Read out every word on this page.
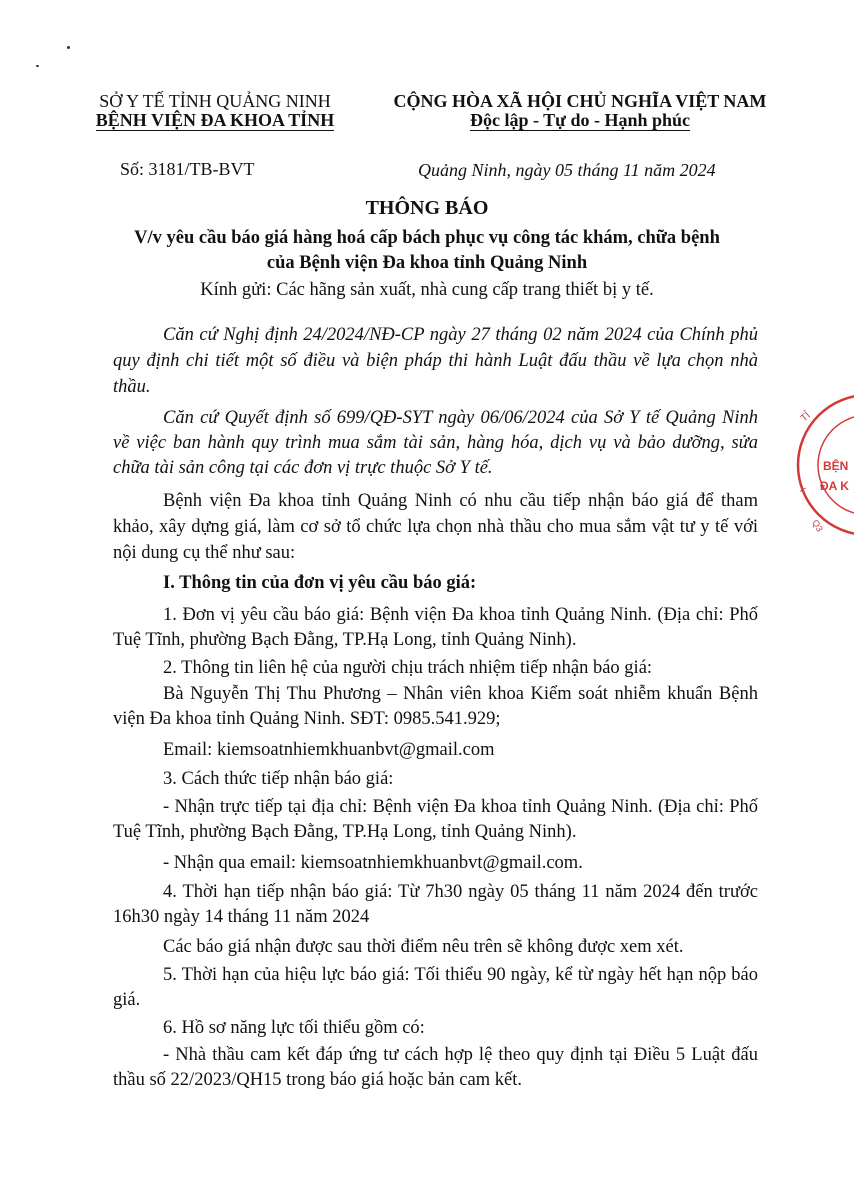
SỞ Y TẾ TỈNH QUẢNG NINH
BỆNH VIỆN ĐA KHOA TỈNH
CỘNG HÒA XÃ HỘI CHỦ NGHĨA VIỆT NAM
Độc lập - Tự do - Hạnh phúc
Số: 3181/TB-BVT	Quảng Ninh, ngày 05 tháng 11 năm 2024
THÔNG BÁO
V/v yêu cầu báo giá hàng hoá cấp bách phục vụ công tác khám, chữa bệnh
của Bệnh viện Đa khoa tỉnh Quảng Ninh
Kính gửi: Các hãng sản xuất, nhà cung cấp trang thiết bị y tế.
Căn cứ Nghị định 24/2024/NĐ-CP ngày 27 tháng 02 năm 2024 của Chính phủ quy định chi tiết một số điều và biện pháp thi hành Luật đấu thầu về lựa chọn nhà thầu.
Căn cứ Quyết định số 699/QĐ-SYT ngày 06/06/2024 của Sở Y tế Quảng Ninh về việc ban hành quy trình mua sắm tài sản, hàng hóa, dịch vụ và bảo dưỡng, sửa chữa tài sản công tại các đơn vị trực thuộc Sở Y tế.
Bệnh viện Đa khoa tỉnh Quảng Ninh có nhu cầu tiếp nhận báo giá để tham khảo, xây dựng giá, làm cơ sở tổ chức lựa chọn nhà thầu cho mua sắm vật tư y tế với nội dung cụ thể như sau:
I. Thông tin của đơn vị yêu cầu báo giá:
1. Đơn vị yêu cầu báo giá: Bệnh viện Đa khoa tỉnh Quảng Ninh. (Địa chỉ: Phố Tuệ Tĩnh, phường Bạch Đằng, TP.Hạ Long, tỉnh Quảng Ninh).
2. Thông tin liên hệ của người chịu trách nhiệm tiếp nhận báo giá:
Bà Nguyễn Thị Thu Phương – Nhân viên khoa Kiểm soát nhiễm khuẩn Bệnh viện Đa khoa tỉnh Quảng Ninh. SĐT: 0985.541.929;
Email: kiemsoatnhiemkhuanbvt@gmail.com
3. Cách thức tiếp nhận báo giá:
- Nhận trực tiếp tại địa chỉ: Bệnh viện Đa khoa tỉnh Quảng Ninh. (Địa chỉ: Phố Tuệ Tĩnh, phường Bạch Đằng, TP.Hạ Long, tỉnh Quảng Ninh).
- Nhận qua email: kiemsoatnhiemkhuanbvt@gmail.com.
4. Thời hạn tiếp nhận báo giá: Từ 7h30 ngày 05 tháng 11 năm 2024 đến trước 16h30 ngày 14 tháng 11 năm 2024
Các báo giá nhận được sau thời điểm nêu trên sẽ không được xem xét.
5. Thời hạn của hiệu lực báo giá: Tối thiểu 90 ngày, kể từ ngày hết hạn nộp báo giá.
6. Hồ sơ năng lực tối thiểu gồm có:
- Nhà thầu cam kết đáp ứng tư cách hợp lệ theo quy định tại Điều 5 Luật đấu thầu số 22/2023/QH15 trong báo giá hoặc bản cam kết.
TỈ
Y
Q3
BỆN
ĐA K
